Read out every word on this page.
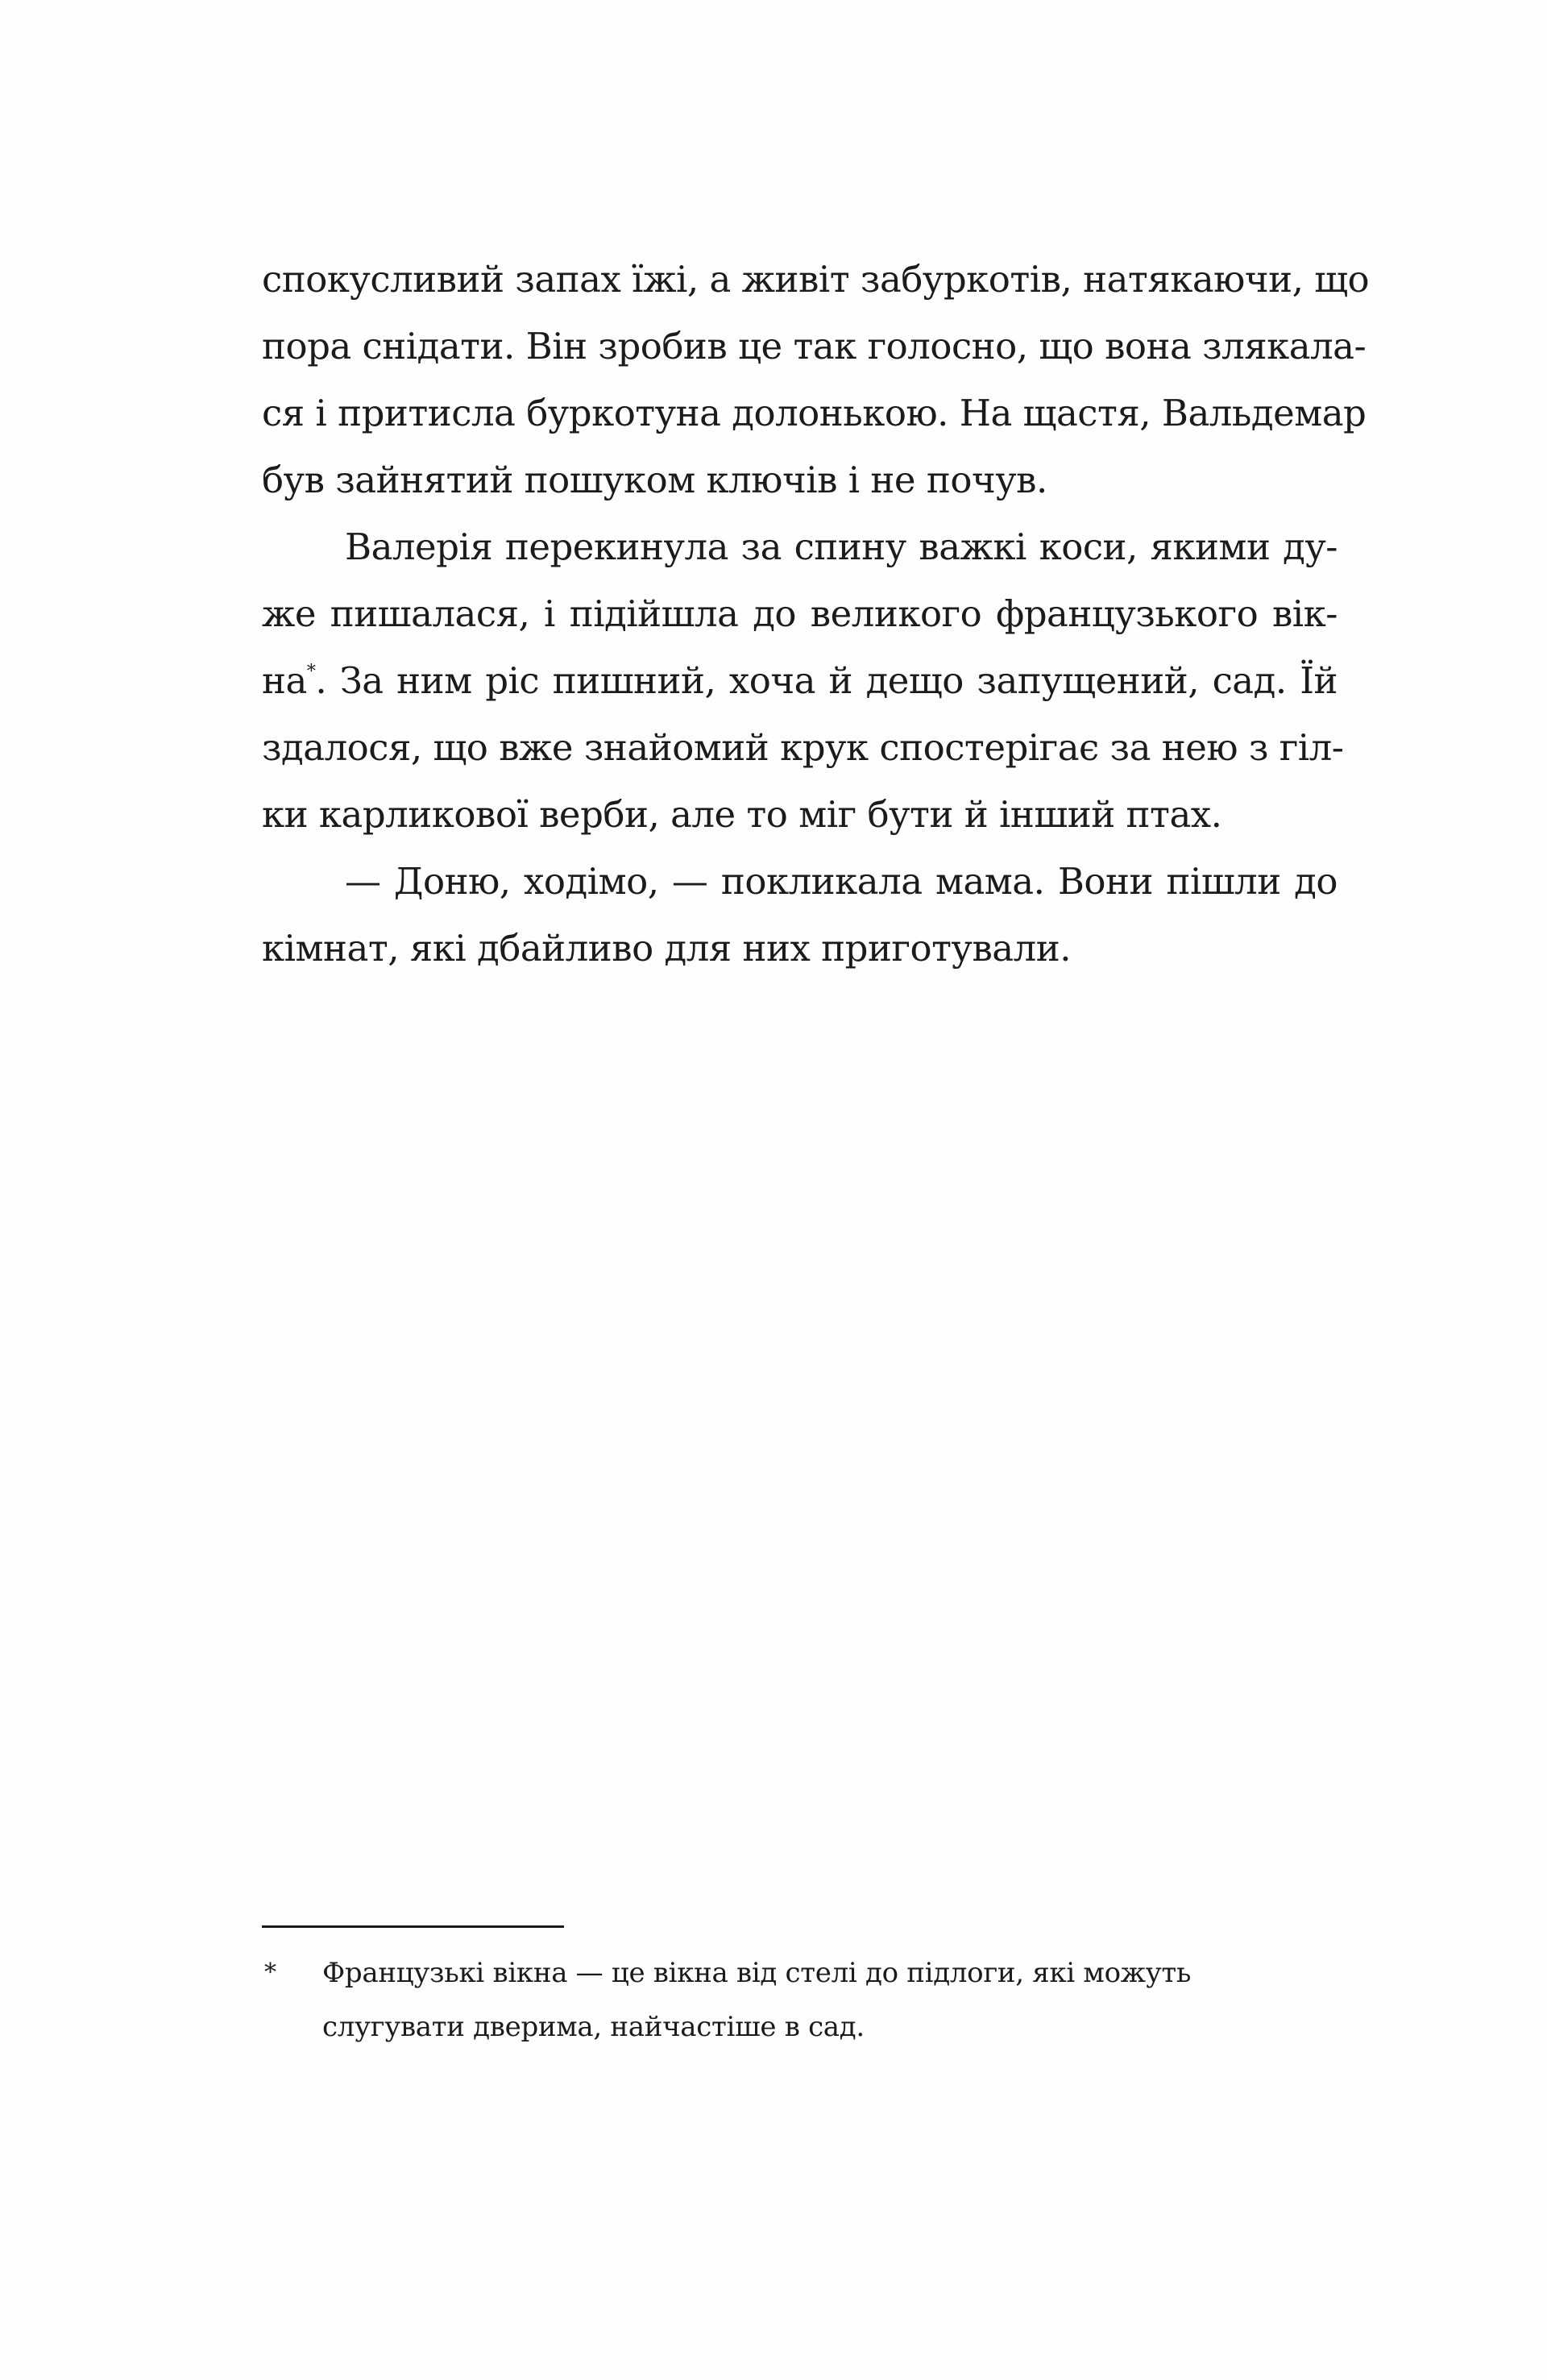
спокусливий запах їжі, а живіт забуркотів, натякаючи, що
пора снідати. Він зробив це так голосно, що вона злякала-
ся і притисла буркотуна долонькою. На щастя, Вальдемар
був зайнятий пошуком ключів і не почув.
Валерія перекинула за спину важкі коси, якими ду-
же пишалася, і підійшла до великого французького вік-
на*. За ним ріс пишний, хоча й дещо запущений, сад. Їй
здалося, що вже знайомий крук спостерігає за нею з гіл-
ки карликової верби, але то міг бути й інший птах.
— Доню, ходімо, — покликала мама. Вони пішли до
кімнат, які дбайливо для них приготували.
* Французькі вікна — це вікна від стелі до підлоги, які можуть
слугувати дверима, найчастіше в сад.
